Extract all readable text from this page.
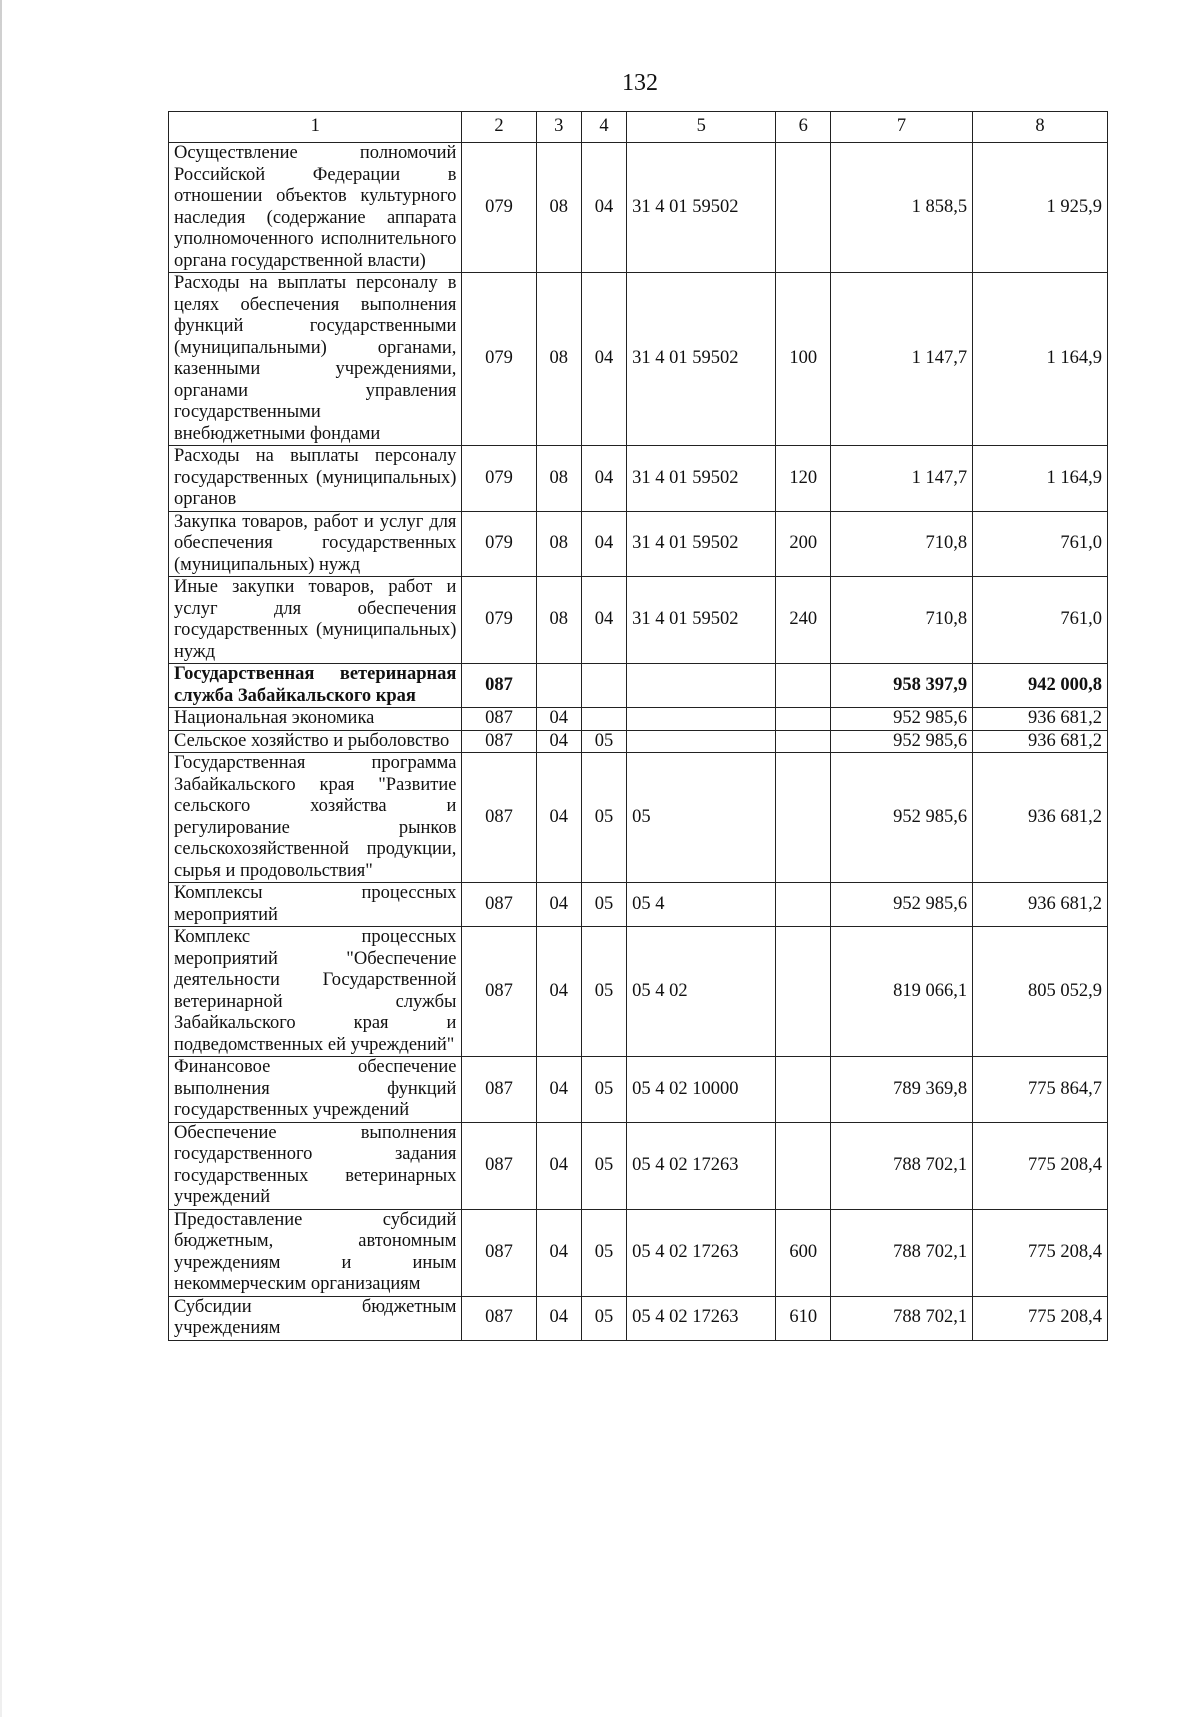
132
1	2	3	4	5	6	7	8
Осуществление полномочий Российской Федерации в отношении объектов культурного наследия (содержание аппарата уполномоченного исполнительного органа государственной власти)	079	08	04	31 4 01 59502		1 858,5	1 925,9
Расходы на выплаты персоналу в целях обеспечения выполнения функций государственными (муниципальными) органами, казенными учреждениями, органами управления государственными внебюджетными фондами	079	08	04	31 4 01 59502	100	1 147,7	1 164,9
Расходы на выплаты персоналу государственных (муниципальных) органов	079	08	04	31 4 01 59502	120	1 147,7	1 164,9
Закупка товаров, работ и услуг для обеспечения государственных (муниципальных) нужд	079	08	04	31 4 01 59502	200	710,8	761,0
Иные закупки товаров, работ и услуг для обеспечения государственных (муниципальных) нужд	079	08	04	31 4 01 59502	240	710,8	761,0
Государственная ветеринарная служба Забайкальского края	087					958 397,9	942 000,8
Национальная экономика	087	04				952 985,6	936 681,2
Сельское хозяйство и рыболовство	087	04	05			952 985,6	936 681,2
Государственная программа Забайкальского края "Развитие сельского хозяйства и регулирование рынков сельскохозяйственной продукции, сырья и продовольствия"	087	04	05	05		952 985,6	936 681,2
Комплексы процессных мероприятий	087	04	05	05 4		952 985,6	936 681,2
Комплекс процессных мероприятий "Обеспечение деятельности Государственной ветеринарной службы Забайкальского края и подведомственных ей учреждений"	087	04	05	05 4 02		819 066,1	805 052,9
Финансовое обеспечение выполнения функций государственных учреждений	087	04	05	05 4 02 10000		789 369,8	775 864,7
Обеспечение выполнения государственного задания государственных ветеринарных учреждений	087	04	05	05 4 02 17263		788 702,1	775 208,4
Предоставление субсидий бюджетным, автономным учреждениям и иным некоммерческим организациям	087	04	05	05 4 02 17263	600	788 702,1	775 208,4
Субсидии бюджетным учреждениям	087	04	05	05 4 02 17263	610	788 702,1	775 208,4
